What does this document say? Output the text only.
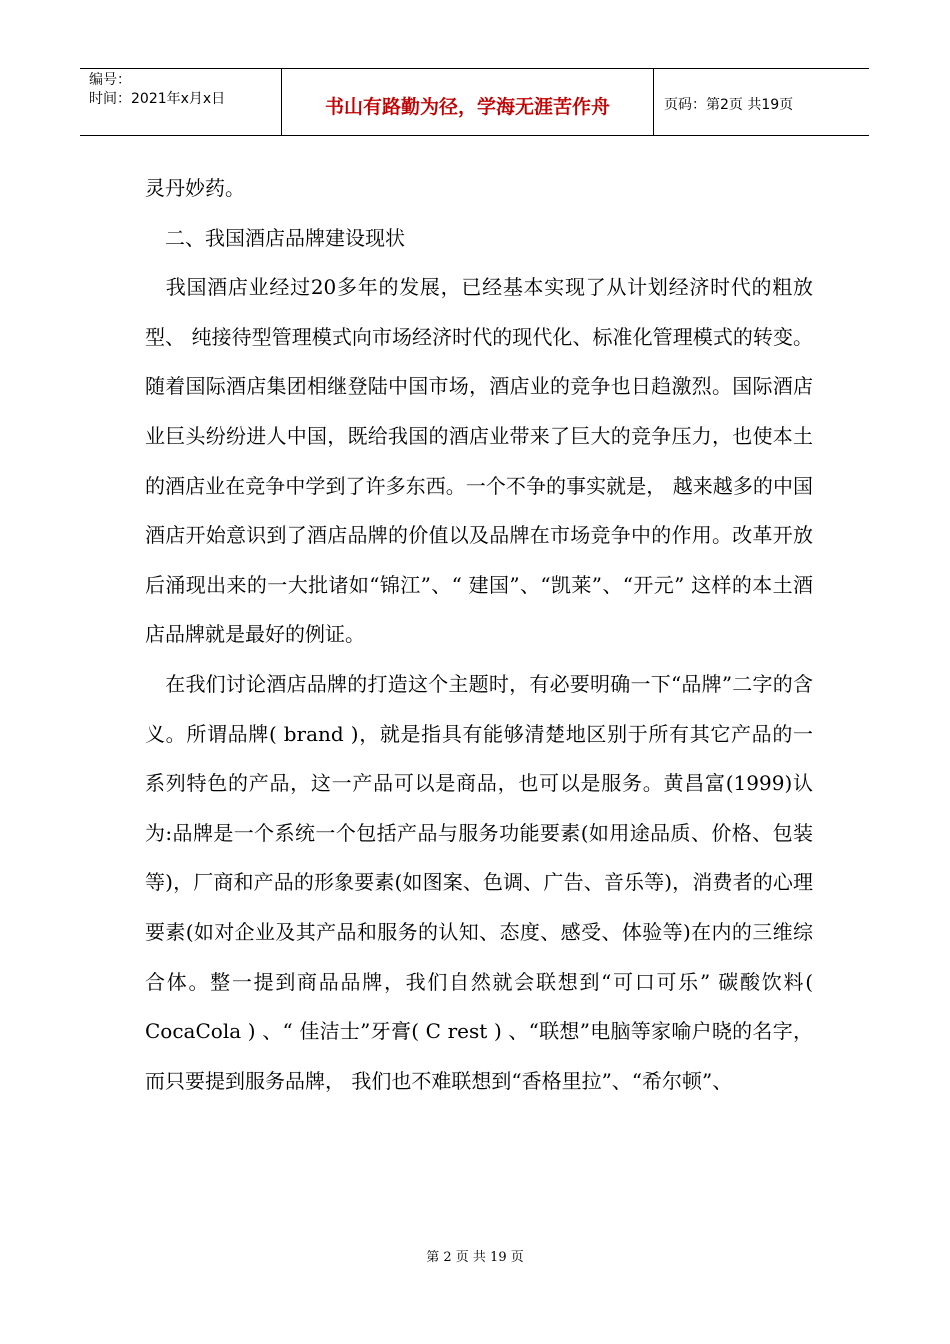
编号：
时间：2021年x月x日	书山有路勤为径，学海无涯苦作舟	页码：第2页 共19页

灵丹妙药。

　二、我国酒店品牌建设现状

　我国酒店业经过20多年的发展，已经基本实现了从计划经济时代的粗放型、 纯接待型管理模式向市场经济时代的现代化、标准化管理模式的转变。随着国际酒店集团相继登陆中国市场，酒店业的竞争也日趋激烈。国际酒店业巨头纷纷进人中国，既给我国的酒店业带来了巨大的竞争压力，也使本土的酒店业在竞争中学到了许多东西。一个不争的事实就是， 越来越多的中国酒店开始意识到了酒店品牌的价值以及品牌在市场竞争中的作用。改革开放后涌现出来的一大批诸如“锦江”、“ 建国”、“凯莱”、“开元” 这样的本土酒店品牌就是最好的例证。

　在我们讨论酒店品牌的打造这个主题时，有必要明确一下“品牌”二字的含义。所谓品牌( brand )，就是指具有能够清楚地区别于所有其它产品的一系列特色的产品，这一产品可以是商品，也可以是服务。黄昌富(1999)认为:品牌是一个系统一个包括产品与服务功能要素(如用途品质、价格、包装等)，厂商和产品的形象要素(如图案、色调、广告、音乐等)，消费者的心理要素(如对企业及其产品和服务的认知、态度、感受、体验等)在内的三维综合体。整一提到商品品牌，我们自然就会联想到“可口可乐” 碳酸饮料( CocaCola ) 、“ 佳洁士”牙膏( C rest ) 、“联想”电脑等家喻户晓的名字，而只要提到服务品牌， 我们也不难联想到“香格里拉”、“希尔顿”、

第 2 页 共 19 页
